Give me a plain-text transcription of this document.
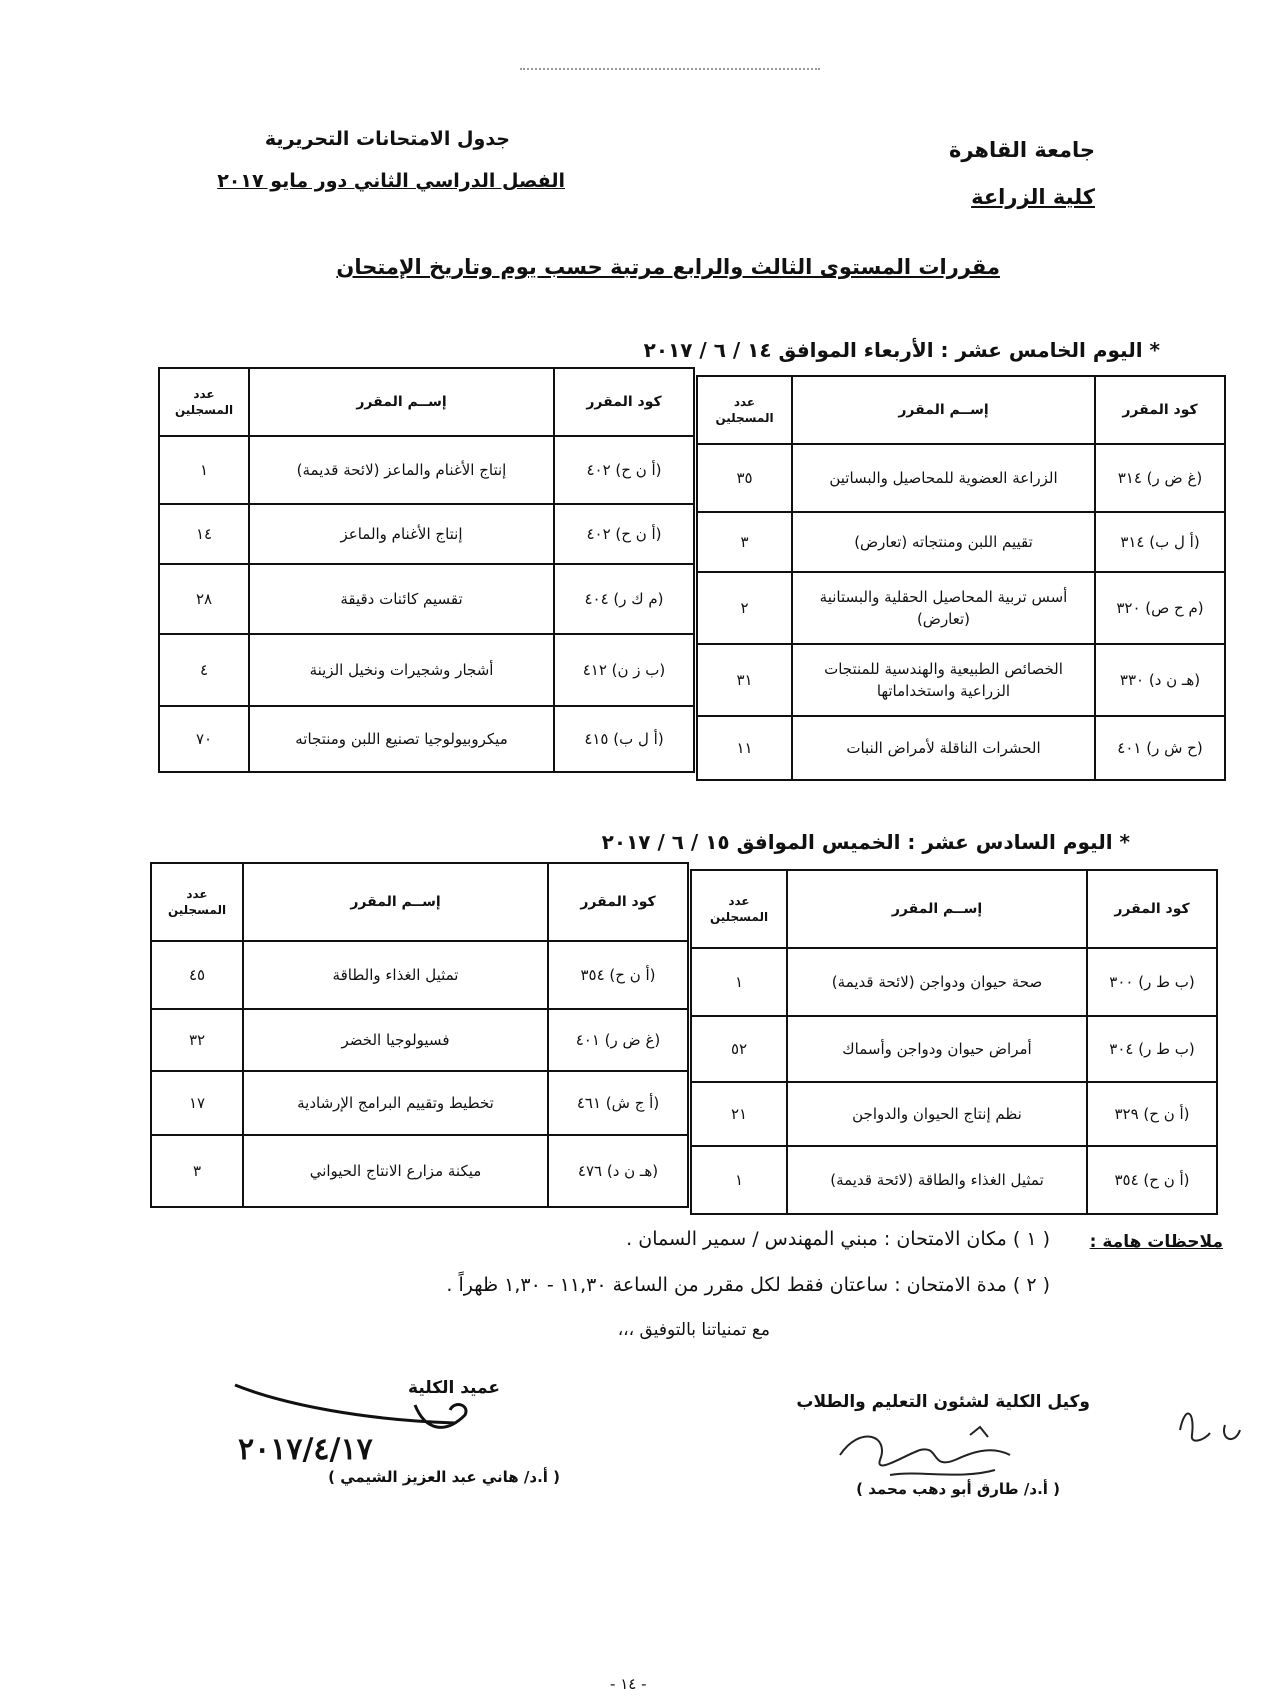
جامعة القاهرة
كلية الزراعة
جدول الامتحانات التحريرية
الفصل الدراسي الثاني دور مايو ٢٠١٧
مقررات المستوى الثالث والرابع مرتبة حسب يوم وتاريخ الإمتحان
* اليوم الخامس عشر : الأربعاء الموافق ١٤ / ٦ / ٢٠١٧
كود المقرر	إســم المقرر	عدد
المسجلين

(أ ن ح) ٤٠٢	إنتاج الأغنام والماعز (لائحة قديمة)	١
(أ ن ح) ٤٠٢	إنتاج الأغنام والماعز	١٤
(م ك ر) ٤٠٤	تقسيم كائنات دقيقة	٢٨
(ب ز ن) ٤١٢	أشجار وشجيرات ونخيل الزينة	٤
(أ ل ب) ٤١٥	ميكروبيولوجيا تصنيع اللبن ومنتجاته	٧٠
كود المقرر	إســم المقرر	عدد
المسجلين

(غ ض ر) ٣١٤	الزراعة العضوية للمحاصيل والبساتين	٣٥
(أ ل ب) ٣١٤	تقييم اللبن ومنتجاته (تعارض)	٣
(م ح ص) ٣٢٠	أسس تربية المحاصيل الحقلية والبستانية (تعارض)	٢
(هـ ن د) ٣٣٠	الخصائص الطبيعية والهندسية للمنتجات الزراعية واستخداماتها	٣١
(ح ش ر) ٤٠١	الحشرات الناقلة لأمراض النبات	١١
* اليوم السادس عشر : الخميس الموافق ١٥ / ٦ / ٢٠١٧
كود المقرر	إســم المقرر	عدد
المسجلين

(أ ن ح) ٣٥٤	تمثيل الغذاء والطاقة	٤٥
(غ ض ر) ٤٠١	فسيولوجيا الخضر	٣٢
(أ ج ش) ٤٦١	تخطيط وتقييم البرامج الإرشادية	١٧
(هـ ن د) ٤٧٦	ميكنة مزارع الانتاج الحيواني	٣
كود المقرر	إســم المقرر	عدد
المسجلين

(ب ط ر) ٣٠٠	صحة حيوان ودواجن (لائحة قديمة)	١
(ب ط ر) ٣٠٤	أمراض حيوان ودواجن وأسماك	٥٢
(أ ن ح) ٣٢٩	نظم إنتاج الحيوان والدواجن	٢١
(أ ن ح) ٣٥٤	تمثيل الغذاء والطاقة (لائحة قديمة)	١
ملاحظات هامة :
( ١ ) مكان الامتحان : مبني المهندس / سمير السمان .
( ٢ ) مدة الامتحان : ساعتان فقط لكل مقرر من الساعة ١١,٣٠ - ١,٣٠ ظهراً .
مع تمنياتنا بالتوفيق ،،،
وكيل الكلية لشئون التعليم والطلاب
( أ.د/ طارق أبو دهب محمد )
عميد الكلية
٢٠١٧/٤/١٧
( أ.د/ هاني عبد العزيز الشيمي )
- ١٤ -
